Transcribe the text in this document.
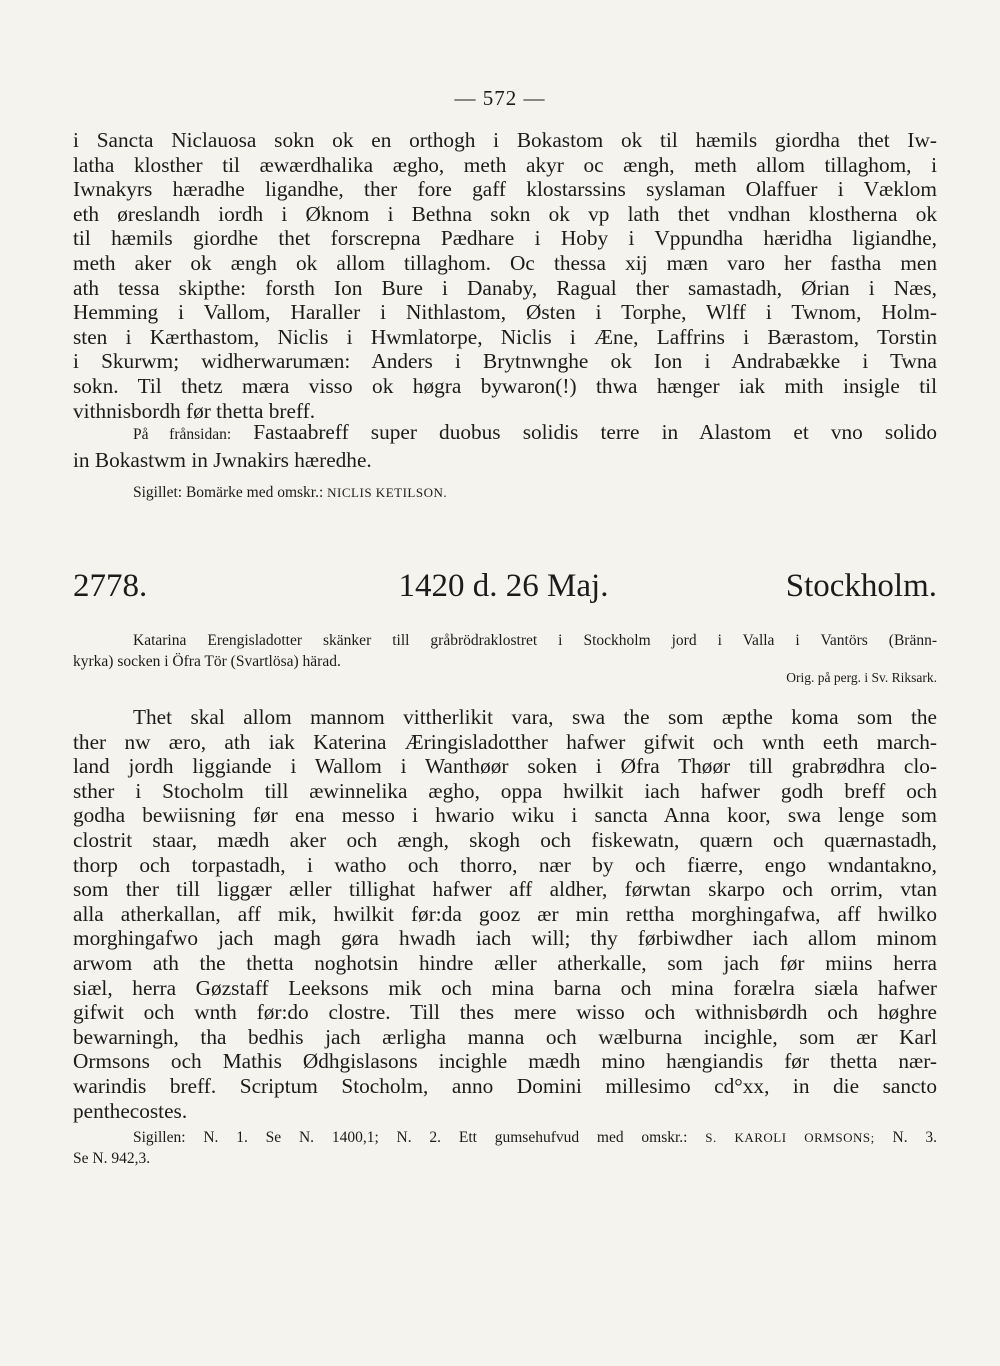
— 572 —

i Sancta Niclauosa sokn ok en orthogh i Bokastom ok til hæmils giordha thet Iw-
latha klosther til æwærdhalika ægho, meth akyr oc ængh, meth allom tillaghom, i
Iwnakyrs hæradhe ligandhe, ther fore gaff klostarssins syslaman Olaffuer i Væklom
eth øreslandh iordh i Øknom i Bethna sokn ok vp lath thet vndhan klostherna ok
til hæmils giordhe thet forscrepna Pædhare i Hoby i Vppundha hæridha ligiandhe,
meth aker ok ængh ok allom tillaghom. Oc thessa xij mæn varo her fastha men
ath tessa skipthe: forsth Ion Bure i Danaby, Ragual ther samastadh, Ørian i Næs,
Hemming i Vallom, Haraller i Nithlastom, Østen i Torphe, Wlff i Twnom, Holm-
sten i Kærthastom, Niclis i Hwmlatorpe, Niclis i Æne, Laffrins i Bærastom, Torstin
i Skurwm; widherwarumæn: Anders i Brytnwnghe ok Ion i Andrabække i Twna
sokn. Til thetz mæra visso ok høgra bywaron(!) thwa hænger iak mith insigle til
vithnisbordh før thetta breff.

På frånsidan: Fastaabreff super duobus solidis terre in Alastom et vno solido
in Bokastwm in Jwnakirs hæredhe.

Sigillet: Bomärke med omskr.: NICLIS KETILSON.

2778.	1420 d. 26 Maj.	Stockholm.

Katarina Erengisladotter skänker till gråbrödraklostret i Stockholm jord i Valla i Vantörs (Bränn-
kyrka) socken i Öfra Tör (Svartlösa) härad.

Orig. på perg. i Sv. Riksark.

Thet skal allom mannom vittherlikit vara, swa the som æpthe koma som the
ther nw æro, ath iak Katerina Æringisladotther hafwer gifwit och wnth eeth march-
land jordh liggiande i Wallom i Wanthøør soken i Øfra Thøør till grabrødhra clo-
sther i Stocholm till æwinnelika ægho, oppa hwilkit iach hafwer godh breff och
godha bewiisning før ena messo i hwario wiku i sancta Anna koor, swa lenge som
clostrit staar, mædh aker och ængh, skogh och fiskewatn, quærn och quærnastadh,
thorp och torpastadh, i watho och thorro, nær by och fiærre, engo wndantakno,
som ther till liggær æller tillighat hafwer aff aldher, førwtan skarpo och orrim, vtan
alla atherkallan, aff mik, hwilkit før:da gooz ær min rettha morghingafwa, aff hwilko
morghingafwo jach magh gøra hwadh iach will; thy førbiwdher iach allom minom
arwom ath the thetta noghotsin hindre æller atherkalle, som jach før miins herra
siæl, herra Gøzstaff Leeksons mik och mina barna och mina forælra siæla hafwer
gifwit och wnth før:do clostre. Till thes mere wisso och withnisbørdh och høghre
bewarningh, tha bedhis jach ærligha manna och wælburna incighle, som ær Karl
Ormsons och Mathis Ødhgislasons incighle mædh mino hængiandis før thetta nær-
warindis breff. Scriptum Stocholm, anno Domini millesimo cd°xx, in die sancto
penthecostes.

Sigillen: N. 1. Se N. 1400,1; N. 2. Ett gumsehufvud med omskr.: S. KAROLI ORMSONS; N. 3.
Se N. 942,3.
